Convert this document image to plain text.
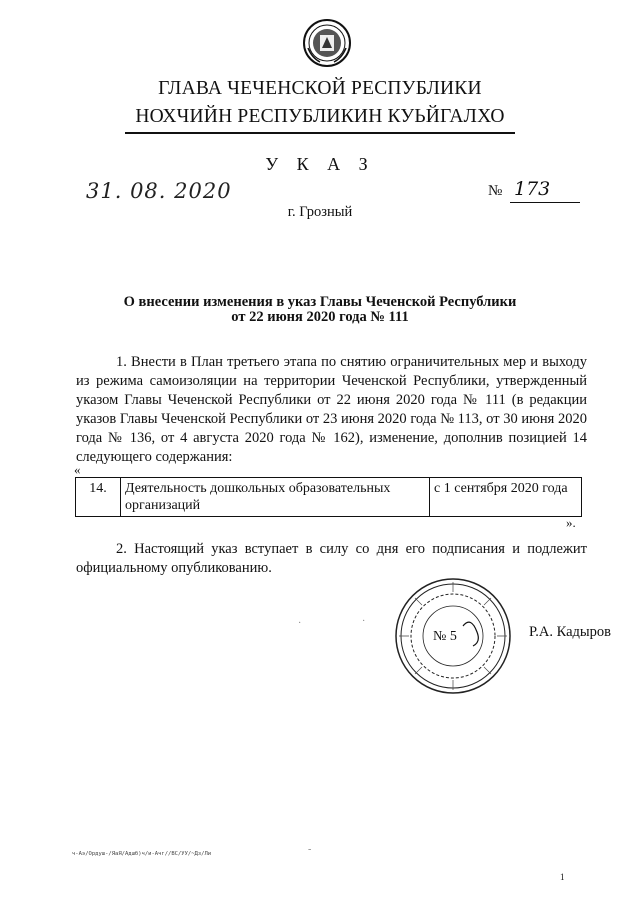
ГЛАВА ЧЕЧЕНСКОЙ РЕСПУБЛИКИ
НОХЧИЙН РЕСПУБЛИКИН КУЬЙГАЛХО
У К А З
31. 08. 2020	№ 173
г. Грозный
О внесении изменения в указ Главы Чеченской Республики
от 22 июня 2020 года № 111

1. Внести в План третьего этапа по снятию ограничительных мер и выходу из режима самоизоляции на территории Чеченской Республики, утвержденный указом Главы Чеченской Республики от 22 июня 2020 года № 111 (в редакции указов Главы Чеченской Республики от 23 июня 2020 года № 113, от 30 июня 2020 года № 136, от 4 августа 2020 года № 162), изменение, дополнив позицией 14 следующего содержания:

«
14.	Деятельность дошкольных образовательных организаций	с 1 сентября 2020 года
».

2. Настоящий указ вступает в силу со дня его подписания и подлежит официальному опубликованию.

№ 5	Р.А. Кадыров
·	·
-
ч-Аэ/Ордуш-/ЯаЯ/Адшб)ч/и-Ачг//ВС/УУ/~Дз/Ли
1
